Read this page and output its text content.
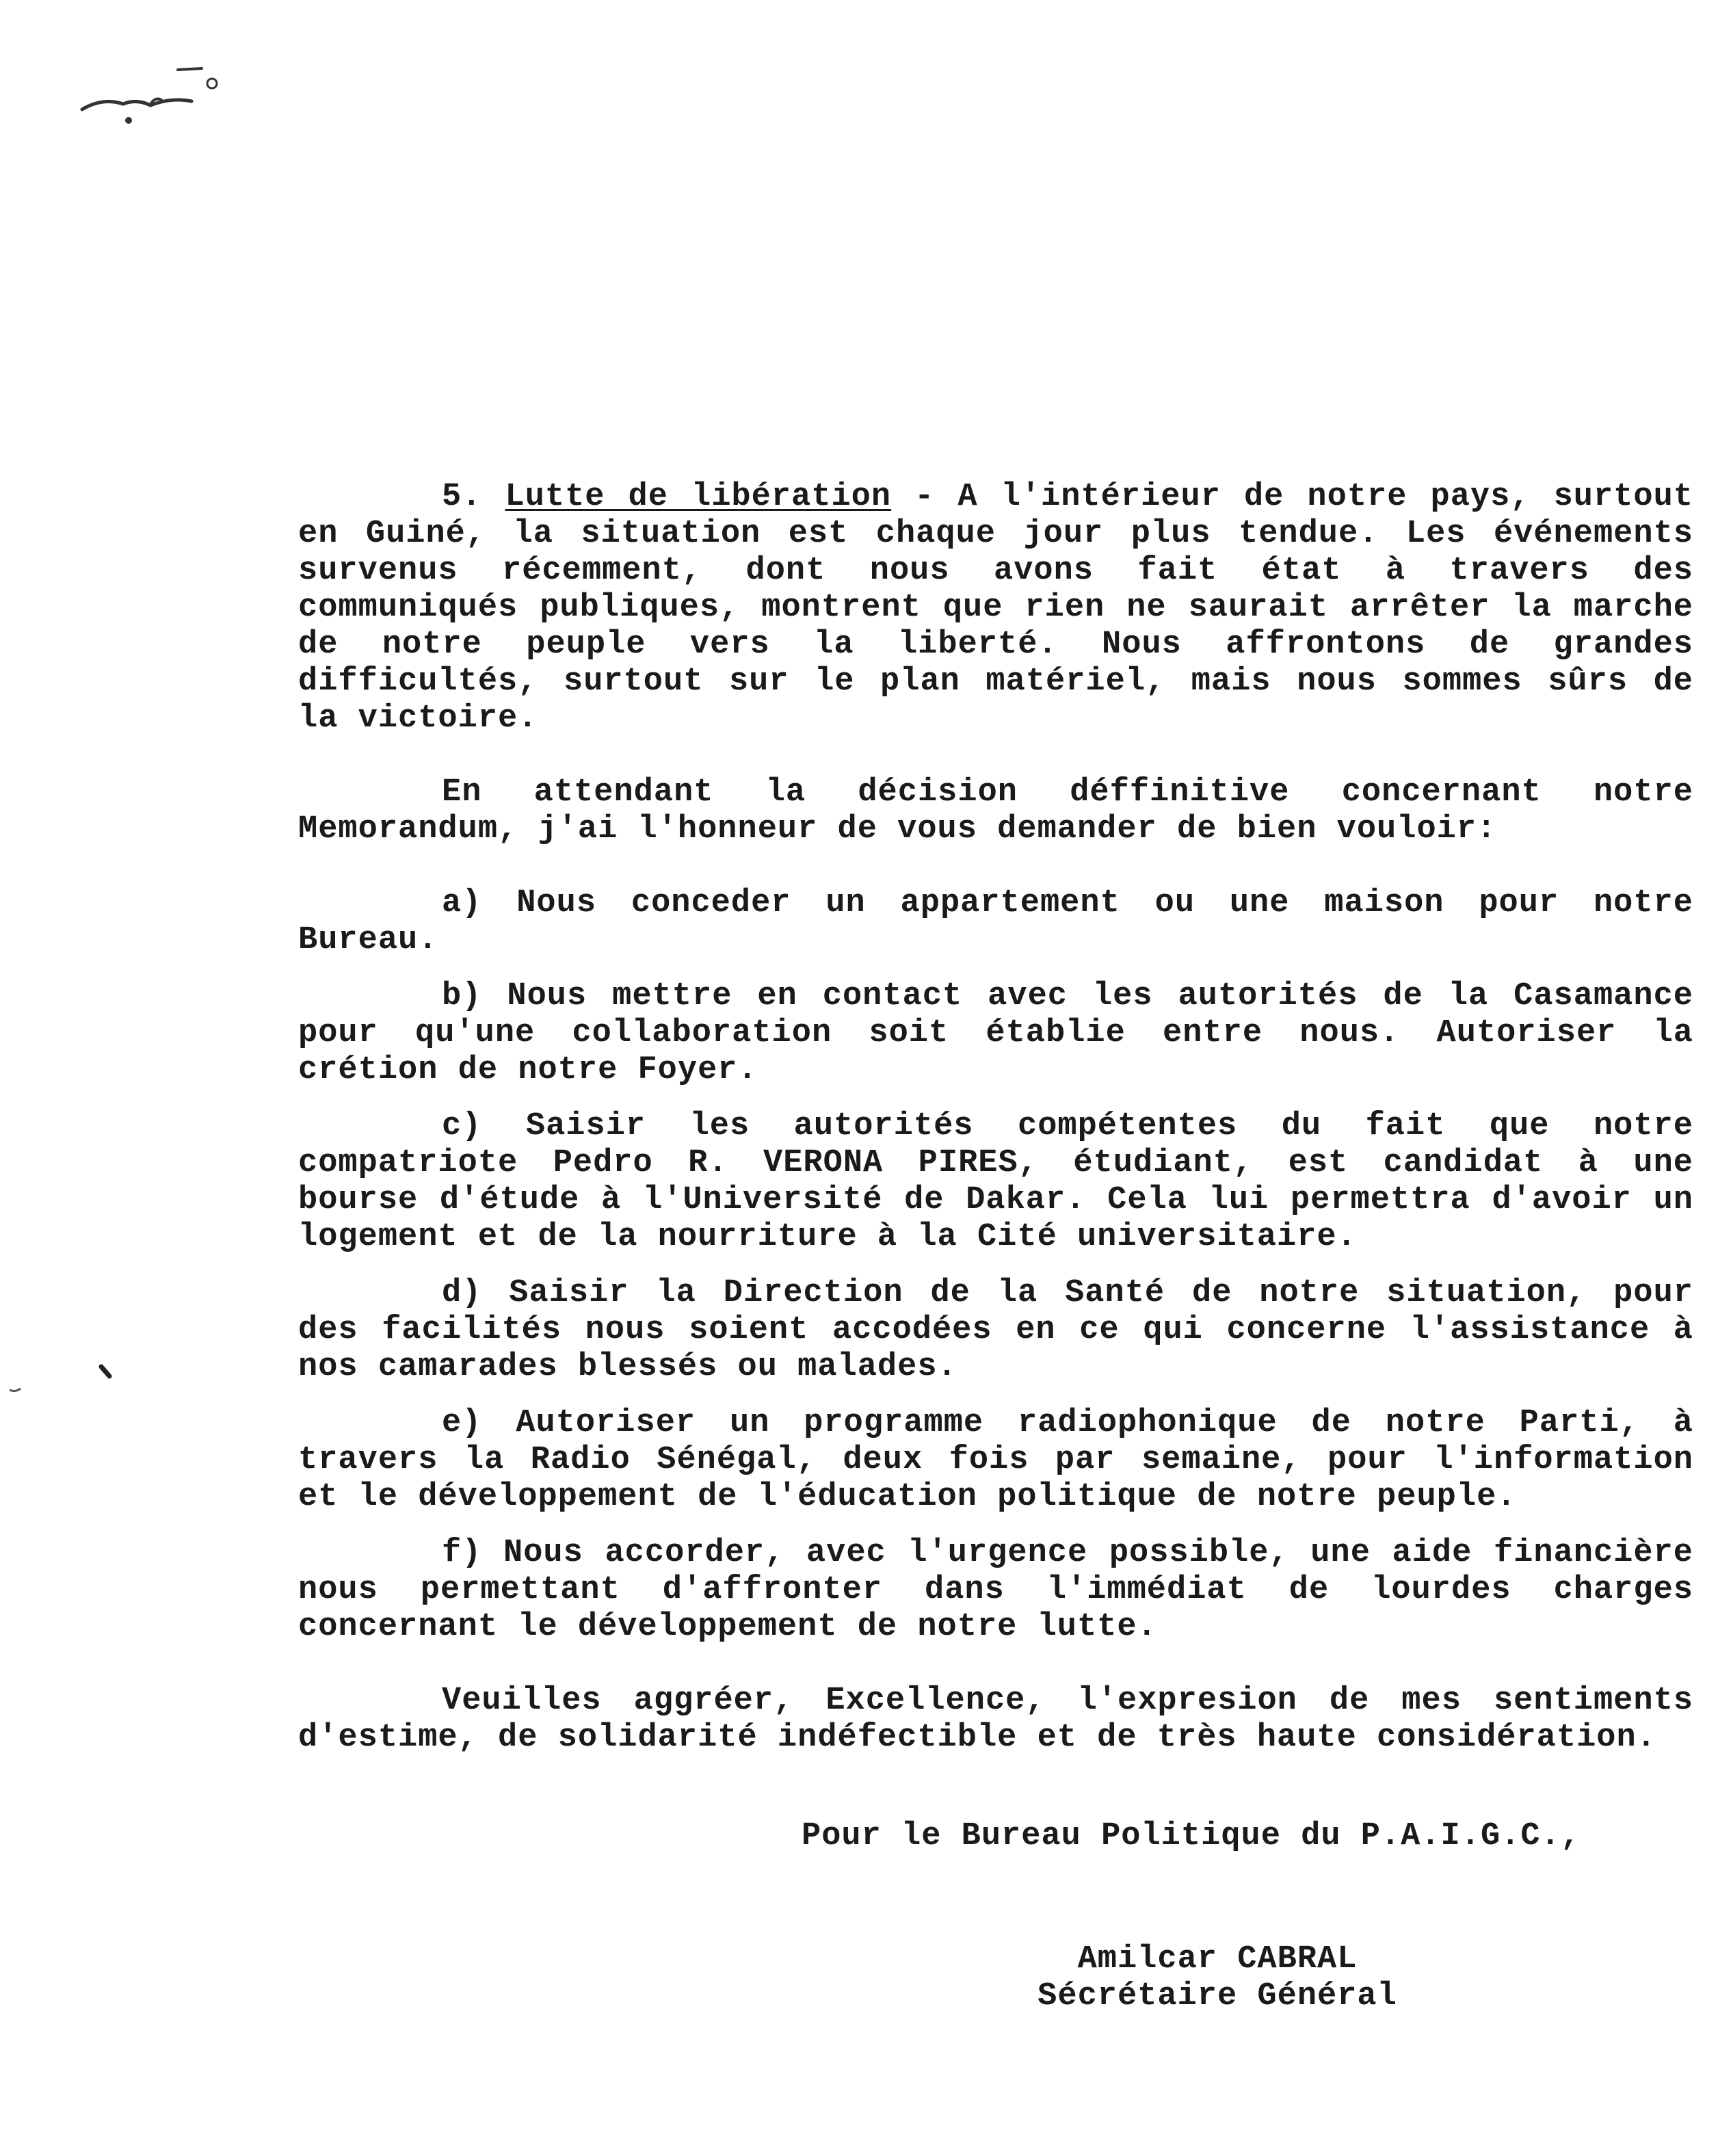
5. Lutte de libération - A l'intérieur de notre pays, surtout en Guiné, la situation est chaque jour plus tendue. Les événements survenus récemment, dont nous avons fait état à travers des communiqués publiques, montrent que rien ne saurait arrêter la marche de notre peuple vers la liberté. Nous affrontons de grandes difficultés, surtout sur le plan matériel, mais nous sommes sûrs de la victoire.

En attendant la décision déffinitive concernant notre Memorandum, j'ai l'honneur de vous demander de bien vouloir:

a) Nous conceder un appartement ou une maison pour notre Bureau.

b) Nous mettre en contact avec les autorités de la Casamance pour qu'une collaboration soit établie entre nous. Autoriser la crétion de notre Foyer.

c) Saisir les autorités compétentes du fait que notre compatriote Pedro R. VERONA PIRES, étudiant, est candidat à une bourse d'étude à l'Université de Dakar. Cela lui permettra d'avoir un logement et de la nourriture à la Cité universitaire.

d) Saisir la Direction de la Santé de notre situation, pour des facilités nous soient accodées en ce qui concerne l'assistance à nos camarades blessés ou malades.

e) Autoriser un programme radiophonique de notre Parti, à travers la Radio Sénégal, deux fois par semaine, pour l'information et le développement de l'éducation politique de notre peuple.

f) Nous accorder, avec l'urgence possible, une aide financière nous permettant d'affronter dans l'immédiat de lourdes charges concernant le développement de notre lutte.

Veuilles aggréer, Excellence, l'expresion de mes sentiments d'estime, de solidarité indéfectible et de très haute considération.

Pour le Bureau Politique du P.A.I.G.C.,
Amilcar CABRAL
Sécrétaire Général
